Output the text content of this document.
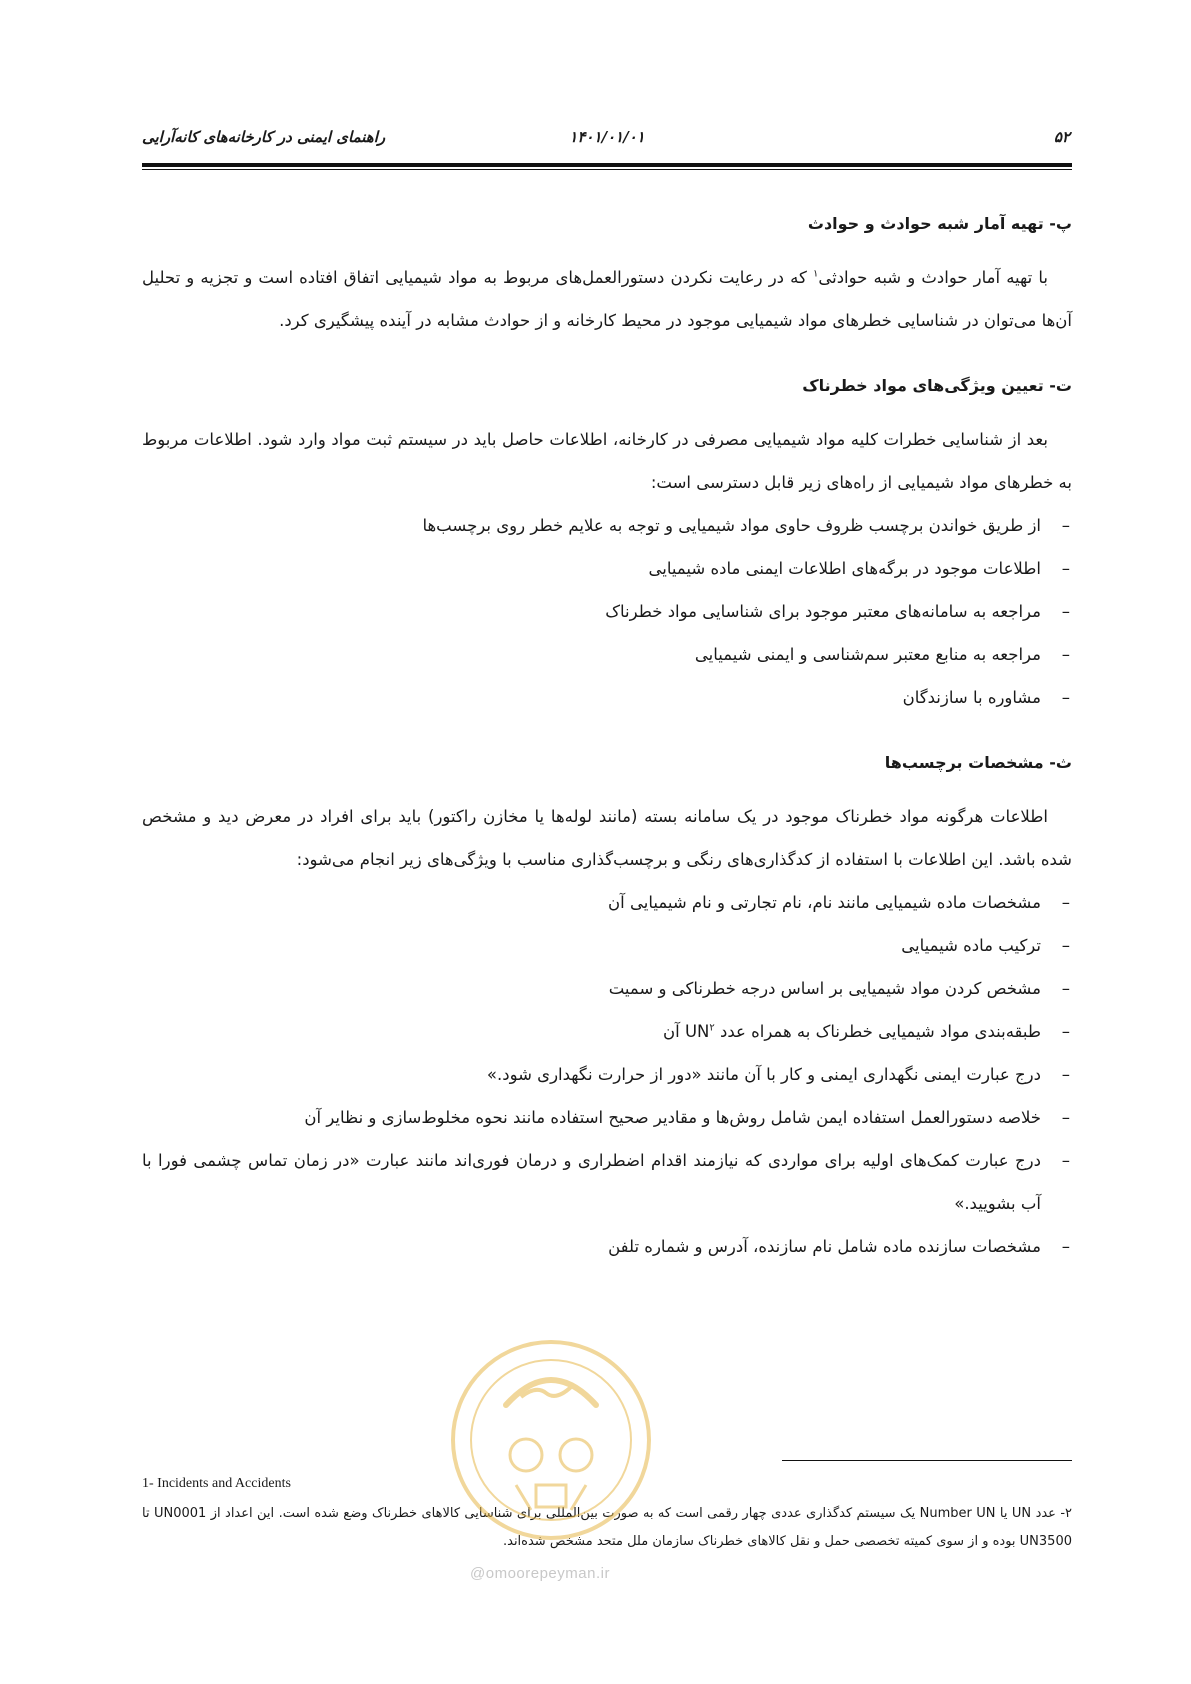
۵۲
۱۴۰۱/۰۱/۰۱
راهنمای ایمنی در کارخانه‌های کانه‌آرایی
پ- تهیه آمار شبه حوادث و حوادث

با تهیه آمار حوادث و شبه حوادثی$^۱$ که در رعایت نکردن دستورالعمل‌های مربوط به مواد شیمیایی اتفاق افتاده است و تجزیه و تحلیل آن‌ها می‌توان در شناسایی خطرهای مواد شیمیایی موجود در محیط کارخانه و از حوادث مشابه در آینده پیشگیری کرد.

ت- تعیین ویژگی‌های مواد خطرناک

بعد از شناسایی خطرات کلیه مواد شیمیایی مصرفی در کارخانه، اطلاعات حاصل باید در سیستم ثبت مواد وارد شود. اطلاعات مربوط به خطرهای مواد شیمیایی از راه‌های زیر قابل دسترسی است:

–
از طریق خواندن برچسب ظروف حاوی مواد شیمیایی و توجه به علایم خطر روی برچسب‌ها
–
اطلاعات موجود در برگه‌های اطلاعات ایمنی ماده شیمیایی
–
مراجعه به سامانه‌های معتبر موجود برای شناسایی مواد خطرناک
–
مراجعه به منابع معتبر سم‌شناسی و ایمنی شیمیایی
–
مشاوره با سازندگان
ث- مشخصات برچسب‌ها

اطلاعات هرگونه مواد خطرناک موجود در یک سامانه بسته (مانند لوله‌ها یا مخازن راکتور) باید برای افراد در معرض دید و مشخص شده باشد. این اطلاعات با استفاده از کدگذاری‌های رنگی و برچسب‌گذاری مناسب با ویژگی‌های زیر انجام می‌شود:

–
مشخصات ماده شیمیایی مانند نام، نام تجارتی و نام شیمیایی آن
–
ترکیب ماده شیمیایی
–
مشخص کردن مواد شیمیایی بر اساس درجه خطرناکی و سمیت
–
طبقه‌بندی مواد شیمیایی خطرناک به همراه عدد $UN^۲$ آن
–
درج عبارت ایمنی نگهداری ایمنی و کار با آن مانند «دور از حرارت نگهداری شود.»
–
خلاصه دستورالعمل استفاده ایمن شامل روش‌ها و مقادیر صحیح استفاده مانند نحوه مخلوط‌سازی و نظایر آن
–
درج عبارت کمک‌های اولیه برای مواردی که نیازمند اقدام اضطراری و درمان فوری‌اند مانند عبارت «در زمان تماس چشمی فورا با آب بشویید.»
–
مشخصات سازنده ماده شامل نام سازنده، آدرس و شماره تلفن
1- Incidents and Accidents
۲- عدد UN یا Number UN یک سیستم کدگذاری عددی چهار رقمی است که به صورت بین‌المللی برای شناسایی کالاهای خطرناک وضع شده است. این اعداد از UN0001 تا UN3500 بوده و از سوی کمیته تخصصی حمل و نقل کالاهای خطرناک سازمان ملل متحد مشخص شده‌اند.
@omoorepeyman.ir
